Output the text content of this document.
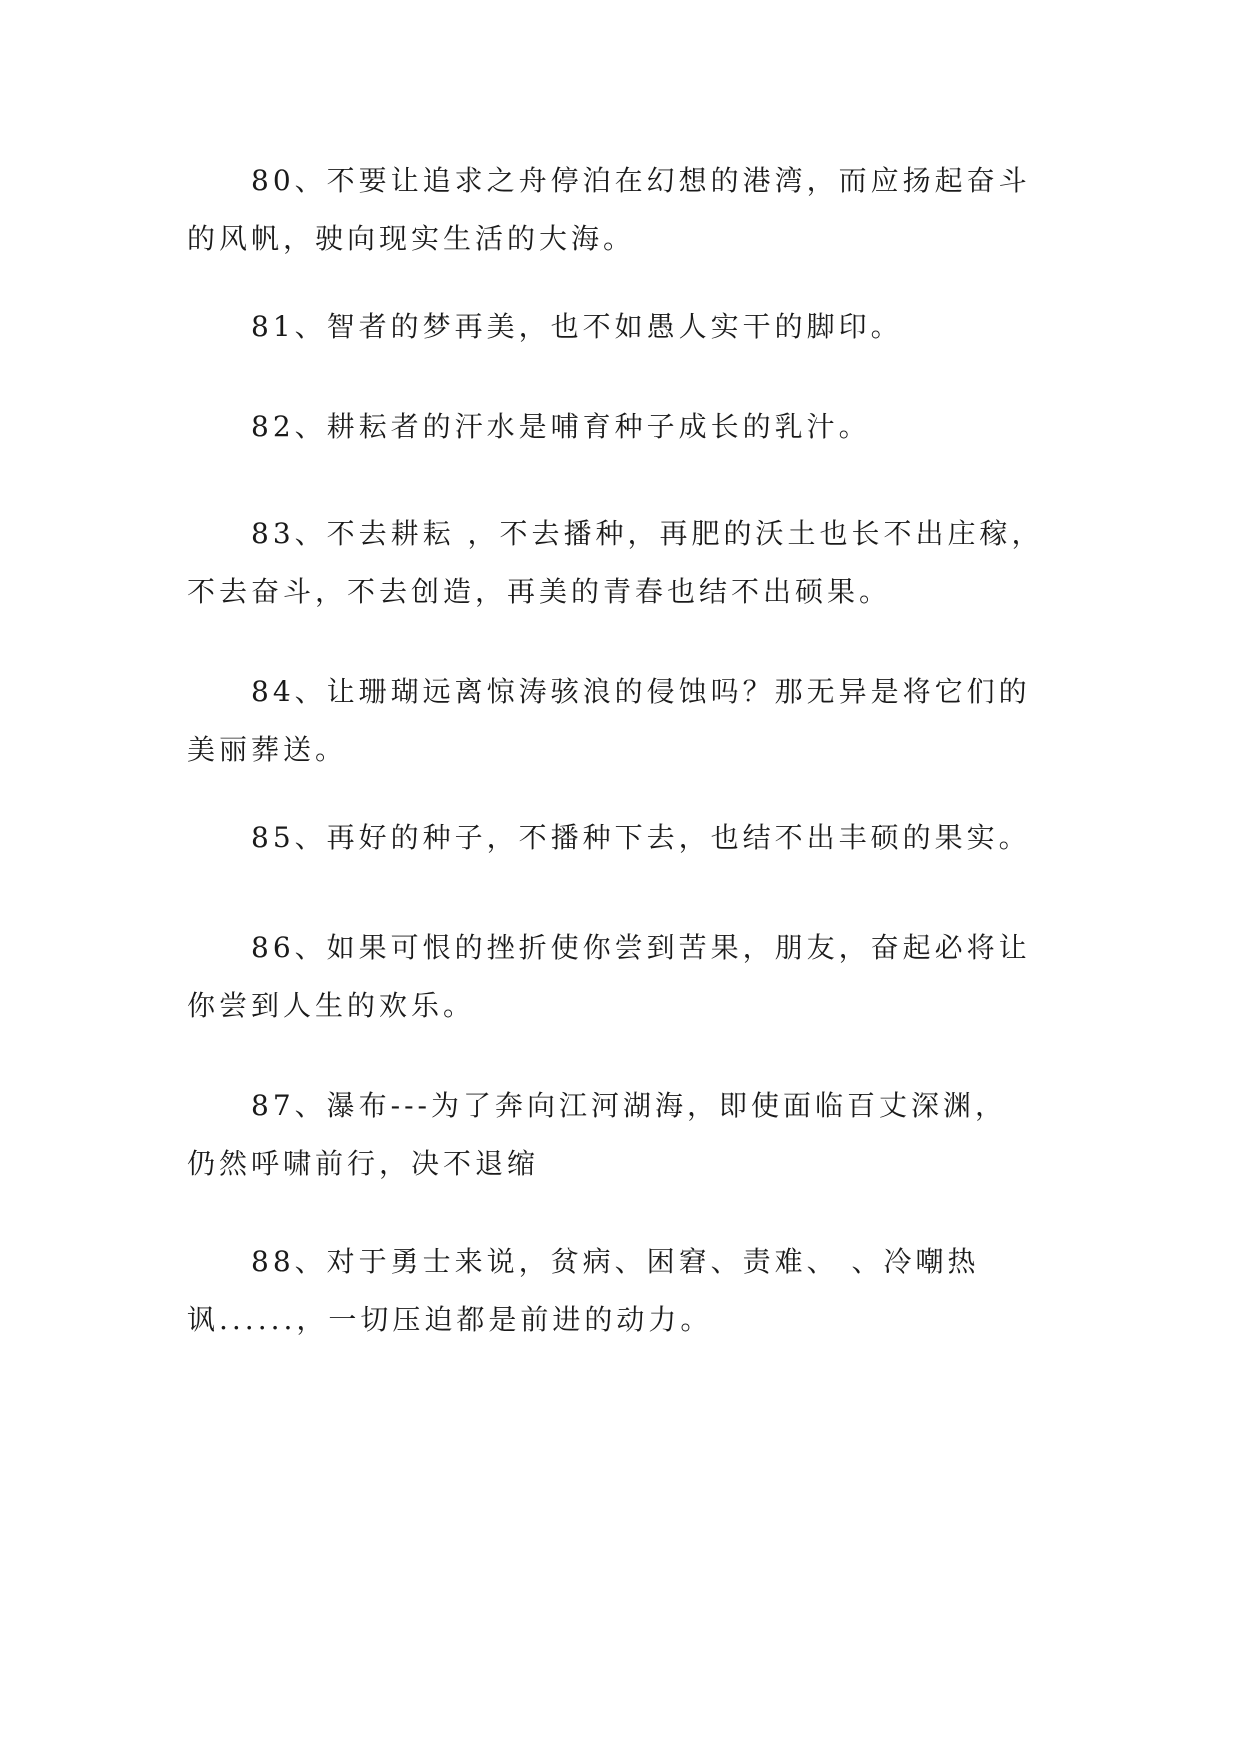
80、不要让追求之舟停泊在幻想的港湾，而应扬起奋斗
的风帆，驶向现实生活的大海。

81、智者的梦再美，也不如愚人实干的脚印。

82、耕耘者的汗水是哺育种子成长的乳汁。

83、不去耕耘 ，不去播种，再肥的沃土也长不出庄稼，
不去奋斗，不去创造，再美的青春也结不出硕果。

84、让珊瑚远离惊涛骇浪的侵蚀吗？那无异是将它们的
美丽葬送。

85、再好的种子，不播种下去，也结不出丰硕的果实。

86、如果可恨的挫折使你尝到苦果，朋友，奋起必将让
你尝到人生的欢乐。

87、瀑布---为了奔向江河湖海，即使面临百丈深渊，
仍然呼啸前行，决不退缩

88、对于勇士来说，贫病、困窘、责难、 、冷嘲热
讽......，一切压迫都是前进的动力。
